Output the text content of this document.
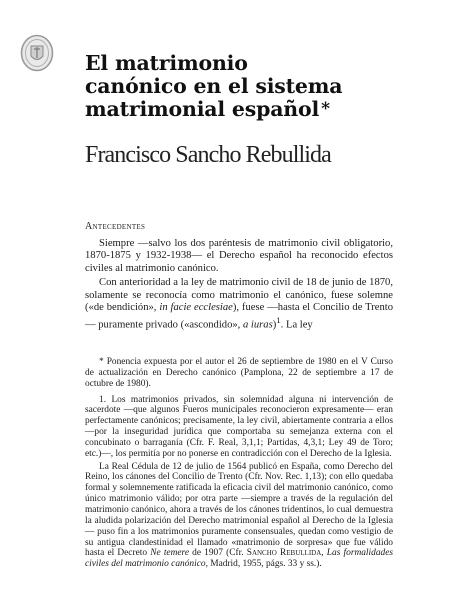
El matrimonio
canónico en el sistema
matrimonial español *
Francisco Sancho Rebullida
Antecedentes

Siempre —salvo los dos paréntesis de matrimonio civil obligatorio, 1870-1875 y 1932-1938— el Derecho español ha reconocido efectos civiles al matrimonio canónico.

Con anterioridad a la ley de matrimonio civil de 18 de junio de 1870, solamente se reconocía como matrimonio el canónico, fuese solemne («de bendición», in facie ecclesiae), fuese —hasta el Concilio de Trento— puramente privado («ascondido», a iuras)$^1$. La ley

* Ponencia expuesta por el autor el 26 de septiembre de 1980 en el V Curso de actualización en Derecho canónico (Pamplona, 22 de septiembre a 17 de octubre de 1980).

1. Los matrimonios privados, sin solemnidad alguna ni intervención de sacerdote —que algunos Fueros municipales reconocieron expresamente— eran perfectamente canónicos; precisamente, la ley civil, abiertamente contraria a ellos —por la inseguridad jurídica que comportaba su semejanza externa con el concubinato o barraganía (Cfr. F. Real, 3,1,1; Partidas, 4,3,1; Ley 49 de Toro; etc.)—, los permitía por no ponerse en contradicción con el Derecho de la Iglesia.

La Real Cédula de 12 de julio de 1564 publicó en España, como Derecho del Reino, los cánones del Concilio de Trento (Cfr. Nov. Rec. 1,13); con ello quedaba formal y solemnemente ratificada la eficacia civil del matrimonio canónico, como único matrimonio válido; por otra parte —siempre a través de la regulación del matrimonio canónico, ahora a través de los cánones tridentinos, lo cual demuestra la aludida polarización del Derecho matrimonial español al Derecho de la Iglesia— puso fin a los matrimonios puramente consensuales, quedan como vestigio de su antigua clandestinidad el llamado «matrimonio de sorpresa» que fue válido hasta el Decreto Ne temere de 1907 (Cfr. Sancho Rebullida, Las formalidades civiles del matrimonio canónico, Madrid, 1955, págs. 33 y ss.).
